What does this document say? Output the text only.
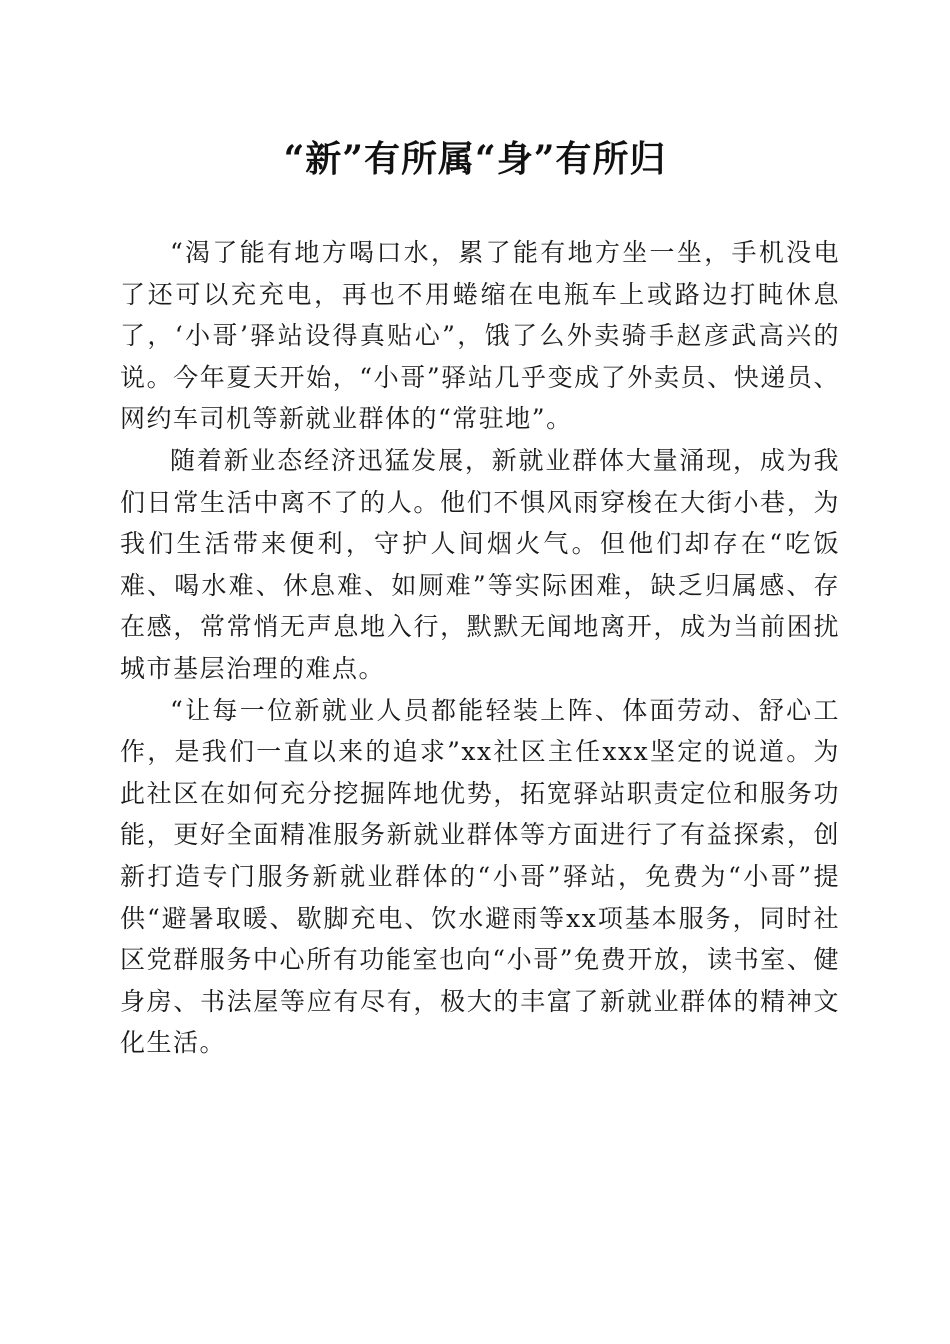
“新”有所属“身”有所归

“渴了能有地方喝口水，累了能有地方坐一坐，手机没电了还可以充充电，再也不用蜷缩在电瓶车上或路边打盹休息了，‘小哥’驿站设得真贴心”，饿了么外卖骑手赵彦武高兴的说。今年夏天开始，“小哥”驿站几乎变成了外卖员、快递员、网约车司机等新就业群体的“常驻地”。

随着新业态经济迅猛发展，新就业群体大量涌现，成为我们日常生活中离不了的人。他们不惧风雨穿梭在大街小巷，为我们生活带来便利，守护人间烟火气。但他们却存在“吃饭难、喝水难、休息难、如厕难”等实际困难，缺乏归属感、存在感，常常悄无声息地入行，默默无闻地离开，成为当前困扰城市基层治理的难点。

“让每一位新就业人员都能轻装上阵、体面劳动、舒心工作，是我们一直以来的追求”xx社区主任xxx坚定的说道。为此社区在如何充分挖掘阵地优势，拓宽驿站职责定位和服务功能，更好全面精准服务新就业群体等方面进行了有益探索，创新打造专门服务新就业群体的“小哥”驿站，免费为“小哥”提供“避暑取暖、歇脚充电、饮水避雨等xx项基本服务，同时社区党群服务中心所有功能室也向“小哥”免费开放，读书室、健身房、书法屋等应有尽有，极大的丰富了新就业群体的精神文化生活。
